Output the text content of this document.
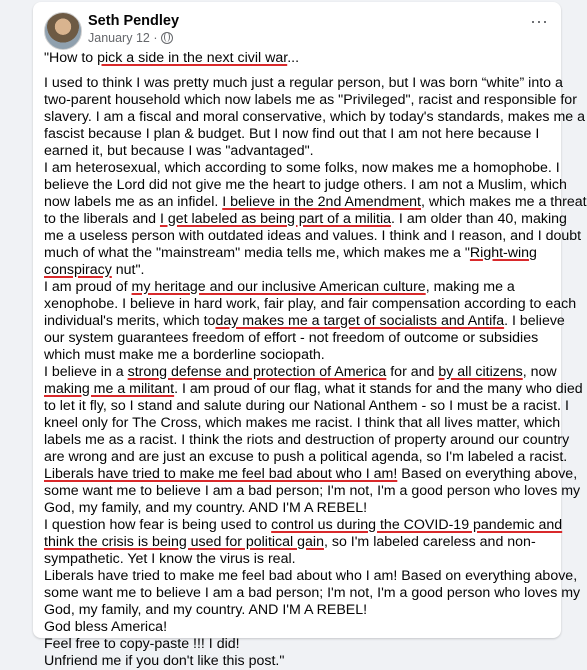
Seth Pendley
January 12 ·
⋯

"How to pick a side in the next civil war...

I used to think I was pretty much just a regular person, but I was born “white” into a

two-parent household which now labels me as "Privileged", racist and responsible for

slavery. I am a fiscal and moral conservative, which by today's standards, makes me a

fascist because I plan & budget. But I now find out that I am not here because I

earned it, but because I was "advantaged".

I am heterosexual, which according to some folks, now makes me a homophobe. I

believe the Lord did not give me the heart to judge others. I am not a Muslim, which

now labels me as an infidel. I believe in the 2nd Amendment, which makes me a threat

to the liberals and I get labeled as being part of a militia. I am older than 40, making

me a useless person with outdated ideas and values. I think and I reason, and I doubt

much of what the "mainstream" media tells me, which makes me a "Right-wing

conspiracy nut".

I am proud of my heritage and our inclusive American culture, making me a

xenophobe. I believe in hard work, fair play, and fair compensation according to each

individual's merits, which today makes me a target of socialists and Antifa. I believe

our system guarantees freedom of effort - not freedom of outcome or subsidies

which must make me a borderline sociopath.

I believe in a strong defense and protection of America for and by all citizens, now

making me a militant. I am proud of our flag, what it stands for and the many who died

to let it fly, so I stand and salute during our National Anthem - so I must be a racist. I

kneel only for The Cross, which makes me racist. I think that all lives matter, which

labels me as a racist. I think the riots and destruction of property around our country

are wrong and are just an excuse to push a political agenda, so I'm labeled a racist.

Liberals have tried to make me feel bad about who I am! Based on everything above,

some want me to believe I am a bad person; I'm not, I'm a good person who loves my

God, my family, and my country. AND I'M A REBEL!

I question how fear is being used to control us during the COVID-19 pandemic and

think the crisis is being used for political gain, so I'm labeled careless and non-

sympathetic. Yet I know the virus is real.

Liberals have tried to make me feel bad about who I am! Based on everything above,

some want me to believe I am a bad person; I'm not, I'm a good person who loves my

God, my family, and my country. AND I'M A REBEL!

God bless America!

Feel free to copy-paste !!! I did!

Unfriend me if you don't like this post."
